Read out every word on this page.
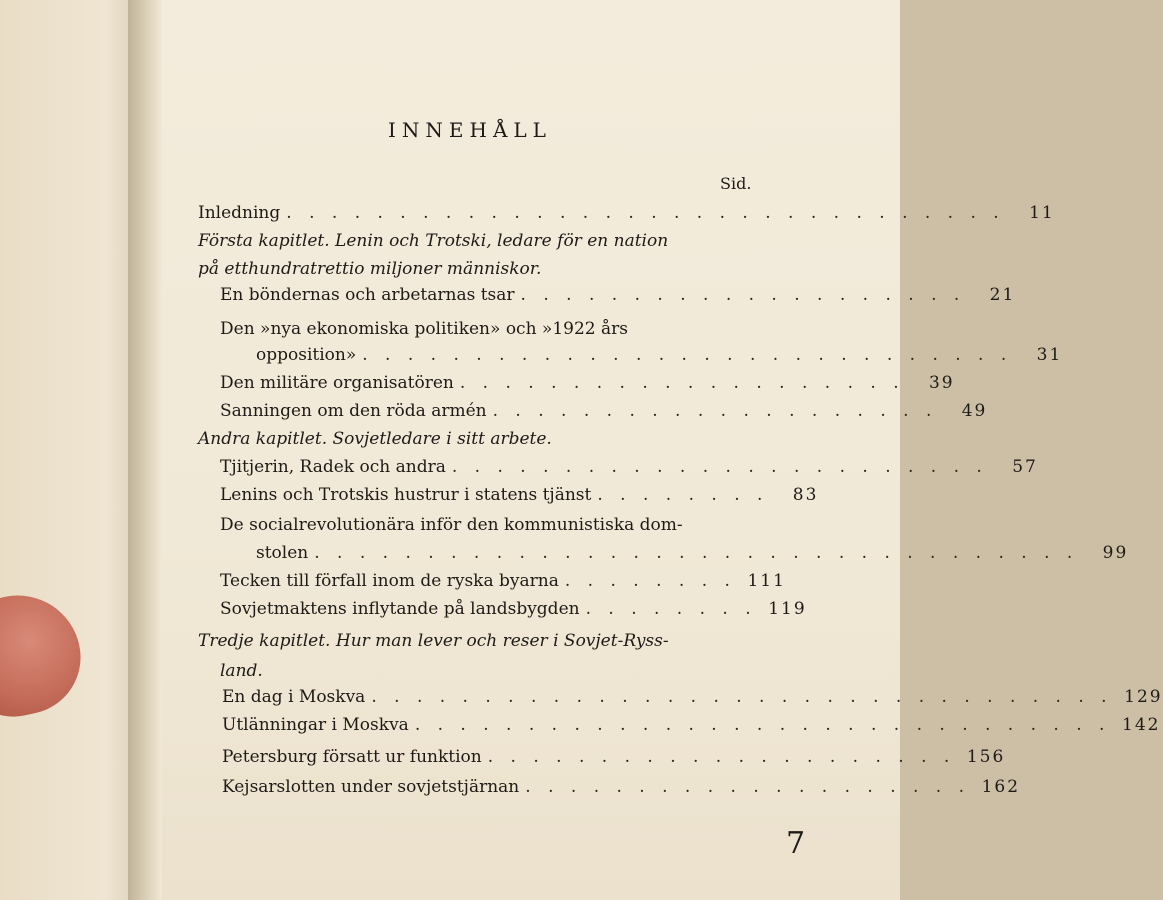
INNEHÅLL
Sid.
Inledning . . . . . . . . . . . . . . . . . . . . . . . . . . . . . . . .	11
Första kapitlet. Lenin och Trotski, ledare för en nation
på etthundratrettio miljoner människor.
En böndernas och arbetarnas tsar . . . . . . . . . . . . . . . . . . . .	21
Den »nya ekonomiska politiken» och »1922 års
opposition» . . . . . . . . . . . . . . . . . . . . . . . . . . . . .	31
Den militäre organisatören . . . . . . . . . . . . . . . . . . . .	39
Sanningen om den röda armén . . . . . . . . . . . . . . . . . . . .	49
Andra kapitlet. Sovjetledare i sitt arbete.
Tjitjerin, Radek och andra . . . . . . . . . . . . . . . . . . . . . . . .	57
Lenins och Trotskis hustrur i statens tjänst . . . . . . . .	83
De socialrevolutionära inför den kommunistiska dom-
stolen . . . . . . . . . . . . . . . . . . . . . . . . . . . . . . . . . .	99
Tecken till förfall inom de ryska byarna . . . . . . . . 111
Sovjetmaktens inflytande på landsbygden . . . . . . . . 119
Tredje kapitlet. Hur man lever och reser i Sovjet-Ryss-
land.
En dag i Moskva . . . . . . . . . . . . . . . . . . . . . . . . . . . . . . . . . 129
Utlänningar i Moskva . . . . . . . . . . . . . . . . . . . . . . . . . . . . . . . 142
Petersburg försatt ur funktion . . . . . . . . . . . . . . . . . . . . . 156
Kejsarslotten under sovjetstjärnan . . . . . . . . . . . . . . . . . . . . 162
7
